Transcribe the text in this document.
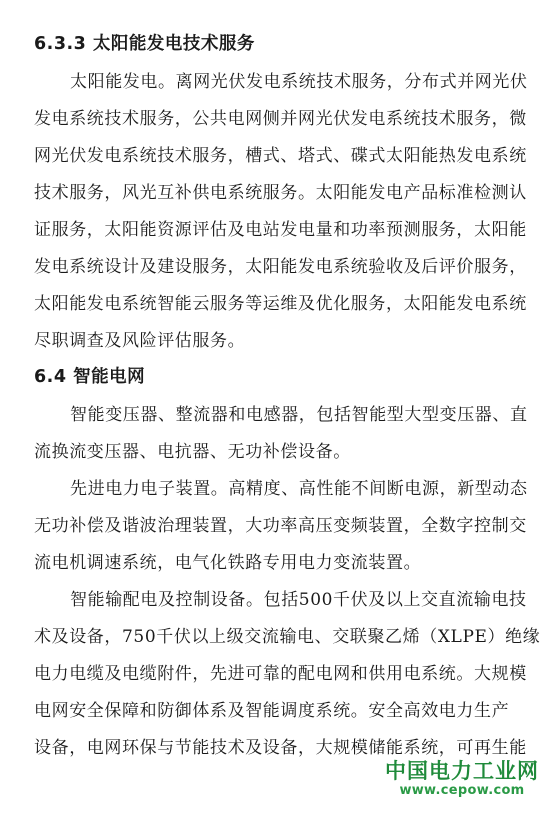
6.3.3 太阳能发电技术服务
太阳能发电。离网光伏发电系统技术服务，分布式并网光伏
发电系统技术服务，公共电网侧并网光伏发电系统技术服务，微
网光伏发电系统技术服务，槽式、塔式、碟式太阳能热发电系统
技术服务，风光互补供电系统服务。太阳能发电产品标准检测认
证服务，太阳能资源评估及电站发电量和功率预测服务，太阳能
发电系统设计及建设服务，太阳能发电系统验收及后评价服务，
太阳能发电系统智能云服务等运维及优化服务，太阳能发电系统
尽职调查及风险评估服务。
6.4 智能电网
智能变压器、整流器和电感器，包括智能型大型变压器、直
流换流变压器、电抗器、无功补偿设备。
先进电力电子装置。高精度、高性能不间断电源，新型动态
无功补偿及谐波治理装置，大功率高压变频装置，全数字控制交
流电机调速系统，电气化铁路专用电力变流装置。
智能输配电及控制设备。包括500千伏及以上交直流输电技
术及设备，750千伏以上级交流输电、交联聚乙烯（XLPE）绝缘
电力电缆及电缆附件，先进可靠的配电网和供用电系统。大规模
电网安全保障和防御体系及智能调度系统。安全高效电力生产
设备，电网环保与节能技术及设备，大规模储能系统，可再生能
中国电力工业网
www.cepow.com
